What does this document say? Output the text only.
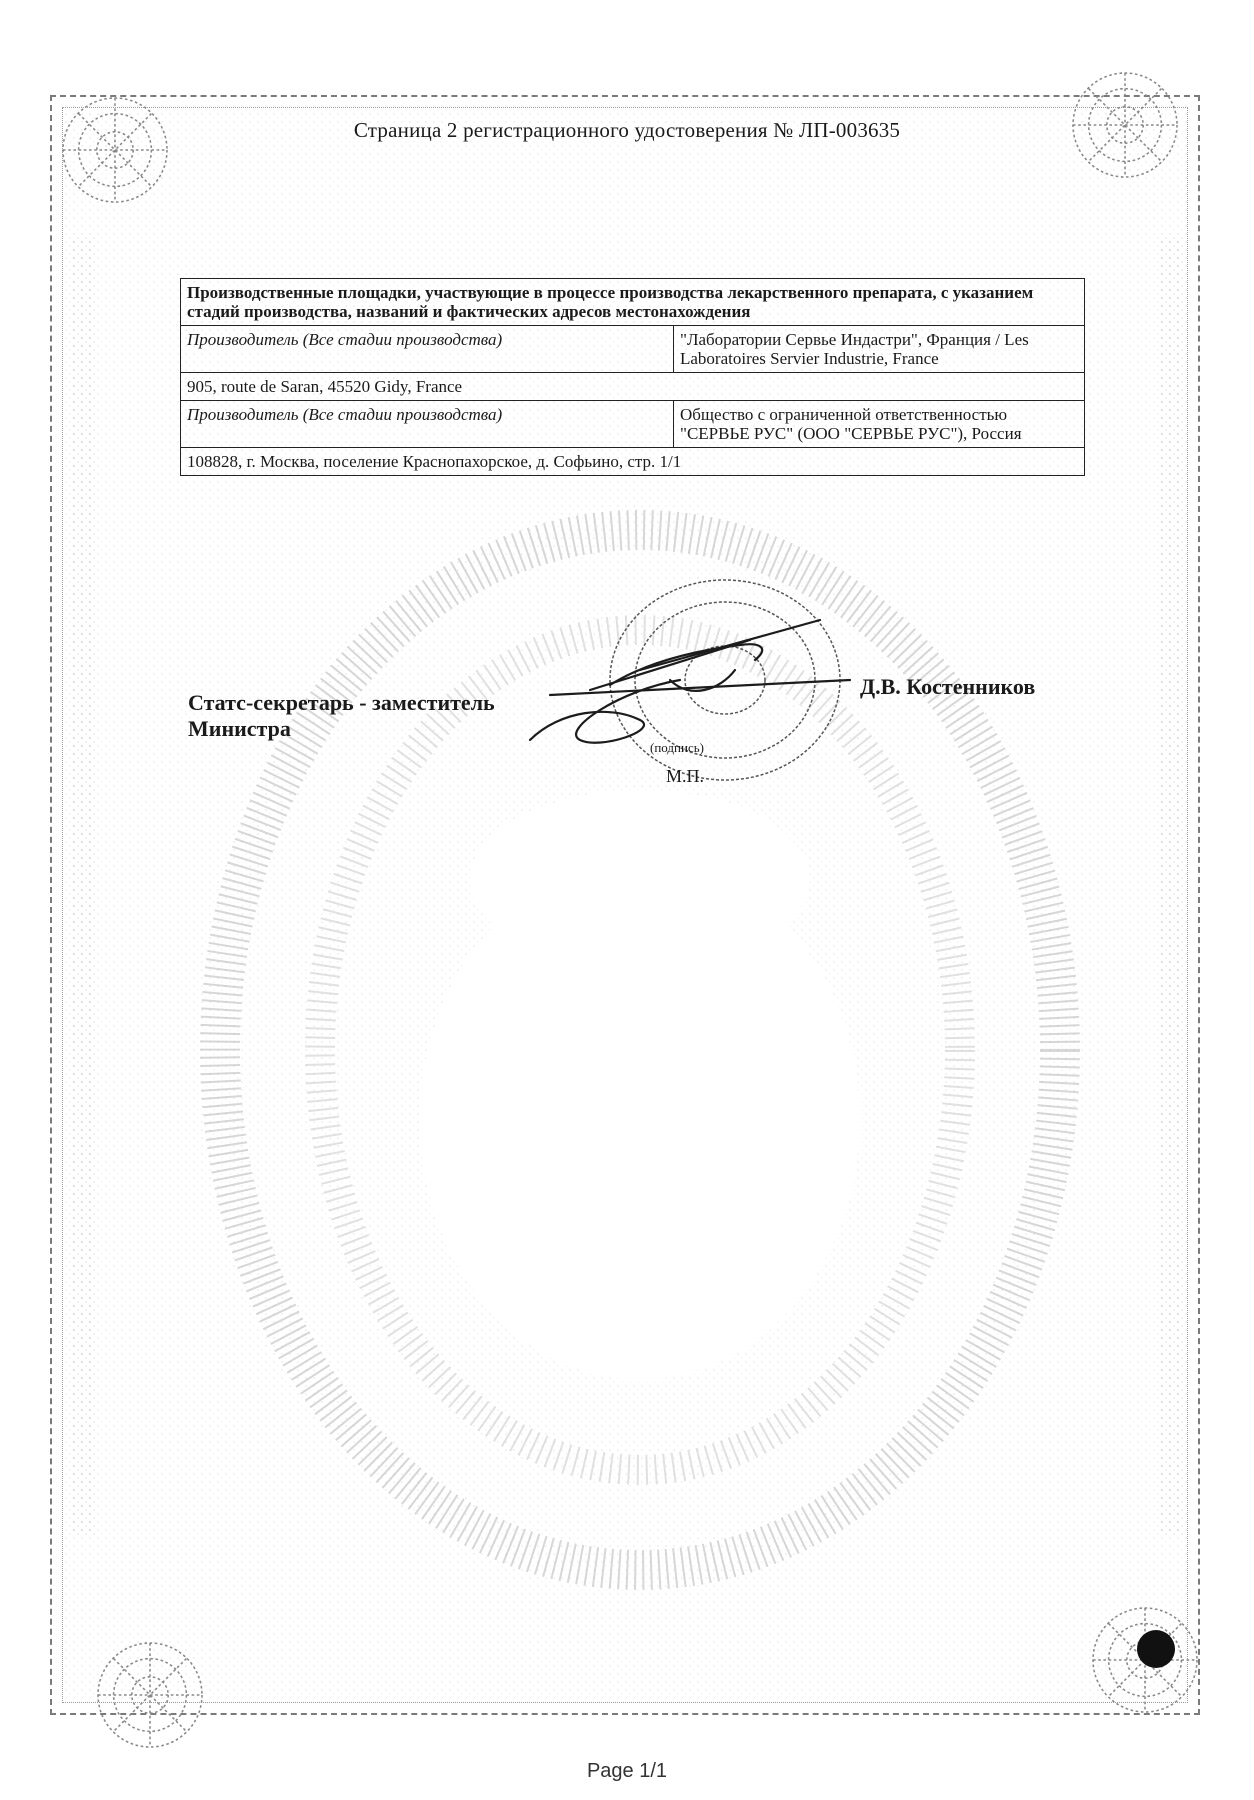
Страница 2 регистрационного удостоверения № ЛП-003635
Производственные площадки, участвующие в процессе производства лекарственного препарата, с указанием стадий производства, названий и фактических адресов местонахождения	
Производитель (Все стадии производства)	"Лаборатории Сервье Индастри", Франция / Les Laboratoires Servier Industrie, France
905, route de Saran, 45520 Gidy, France	
Производитель (Все стадии производства)	Общество с ограниченной ответственностью "СЕРВЬЕ РУС" (ООО "СЕРВЬЕ РУС"), Россия
108828, г. Москва, поселение Краснопахорское, д. Софьино, стр. 1/1	
Статс-секретарь - заместитель
Министра
Д.В. Костенников
(подпись)
М.П.
Page 1/1
